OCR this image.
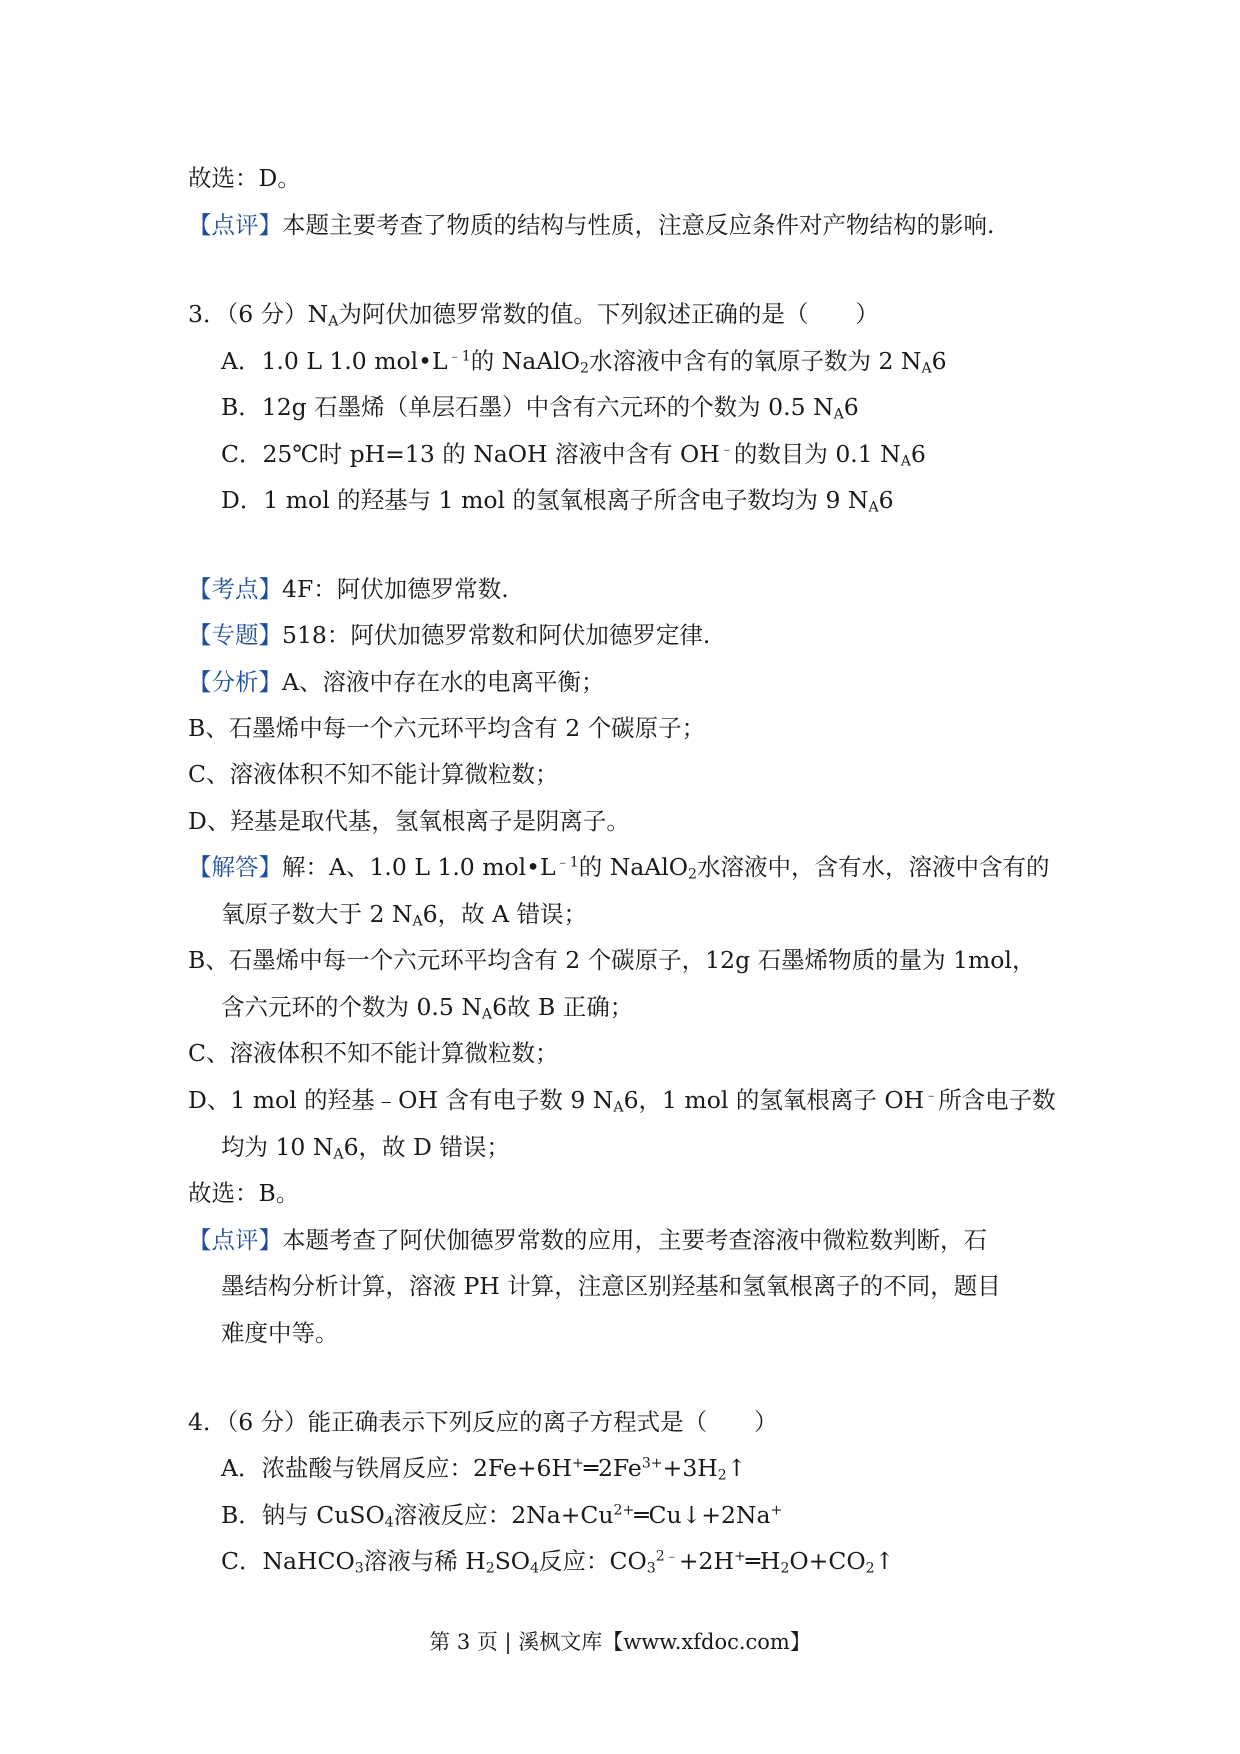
故选：D。
【点评】本题主要考查了物质的结构与性质，注意反应条件对产物结构的影响.
3．（6 分）$N_A$为阿伏加德罗常数的值。下列叙述正确的是（　　）
A．1.0 L 1.0 $mol•L^{﹣1}$的 NaAlO$_2$水溶液中含有的氧原子数为 2 $N_A6$
B．12g 石墨烯（单层石墨）中含有六元环的个数为 0.5 $N_A6$
C．25℃时 pH=13 的 NaOH 溶液中含有 OH﹣的数目为 0.1 $N_A6$
D．1 mol 的羟基与 1 mol 的氢氧根离子所含电子数均为 9 $N_A6$
【考点】4F：阿伏加德罗常数.
【专题】518：阿伏加德罗常数和阿伏加德罗定律.
【分析】A、溶液中存在水的电离平衡；
B、石墨烯中每一个六元环平均含有 2 个碳原子；
C、溶液体积不知不能计算微粒数；
D、羟基是取代基，氢氧根离子是阴离子。
【解答】解：A、1.0 L 1.0 $mol•L^{﹣1}$的 NaAlO$_2$水溶液中，含有水，溶液中含有的
氧原子数大于 2 $N_A6$，故 A 错误；
B、石墨烯中每一个六元环平均含有 2 个碳原子，12g 石墨烯物质的量为 1mol，
含六元环的个数为 0.5 $N_A6$故 B 正确；
C、溶液体积不知不能计算微粒数；
D、1 mol 的羟基﹣OH 含有电子数 9 $N_A6$，1 mol 的氢氧根离子 OH﹣所含电子数
均为 10 $N_A6$，故 D 错误；
故选：B。
【点评】本题考查了阿伏伽德罗常数的应用，主要考查溶液中微粒数判断，石
墨结构分析计算，溶液 PH 计算，注意区别羟基和氢氧根离子的不同，题目
难度中等。
4．（6 分）能正确表示下列反应的离子方程式是（　　）
A．浓盐酸与铁屑反应：$2Fe+6H^+═2Fe^{3+}+3H_2↑$
B．钠与 CuSO$_4$溶液反应：$2Na+Cu^{2+}═Cu↓+2Na^+$
C．NaHCO$_3$溶液与稀 $H_2SO_4$反应：$CO_3^{2﹣}+2H^+═H_2O+CO_2↑$
第 3 页 | 溪枫文库【www.xfdoc.com】
